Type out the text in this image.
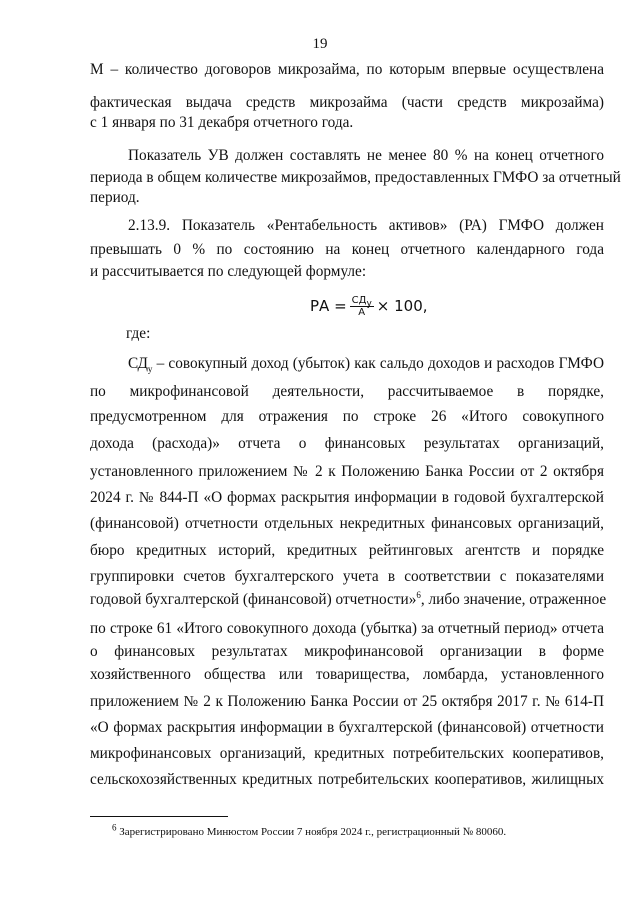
19
М – количество договоров микрозайма, по которым впервые осуществлена
фактическая выдача средств микрозайма (части средств микрозайма)
с 1 января по 31 декабря отчетного года.
Показатель УВ должен составлять не менее 80 % на конец отчетного
периода в общем количестве микрозаймов, предоставленных ГМФО за отчетный
период.
2.13.9. Показатель «Рентабельность активов» (РА) ГМФО должен
превышать 0 % по состоянию на конец отчетного календарного года
и рассчитывается по следующей формуле:
РА = $\frac{СД_у}{А} \times 100$,
где:
$СД_у$ – совокупный доход (убыток) как сальдо доходов и расходов ГМФО
по микрофинансовой деятельности, рассчитываемое в порядке,
предусмотренном для отражения по строке 26 «Итого совокупного
дохода (расхода)» отчета о финансовых результатах организаций,
установленного приложением № 2 к Положению Банка России от 2 октября
2024 г. № 844-П «О формах раскрытия информации в годовой бухгалтерской
(финансовой) отчетности отдельных некредитных финансовых организаций,
бюро кредитных историй, кредитных рейтинговых агентств и порядке
группировки счетов бухгалтерского учета в соответствии с показателями
годовой бухгалтерской (финансовой) отчетности»$^6$, либо значение, отраженное
по строке 61 «Итого совокупного дохода (убытка) за отчетный период» отчета
о финансовых результатах микрофинансовой организации в форме
хозяйственного общества или товарищества, ломбарда, установленного
приложением № 2 к Положению Банка России от 25 октября 2017 г. № 614-П
«О формах раскрытия информации в бухгалтерской (финансовой) отчетности
микрофинансовых организаций, кредитных потребительских кооперативов,
сельскохозяйственных кредитных потребительских кооперативов, жилищных
$^6$ Зарегистрировано Минюстом России 7 ноября 2024 г., регистрационный № 80060.
